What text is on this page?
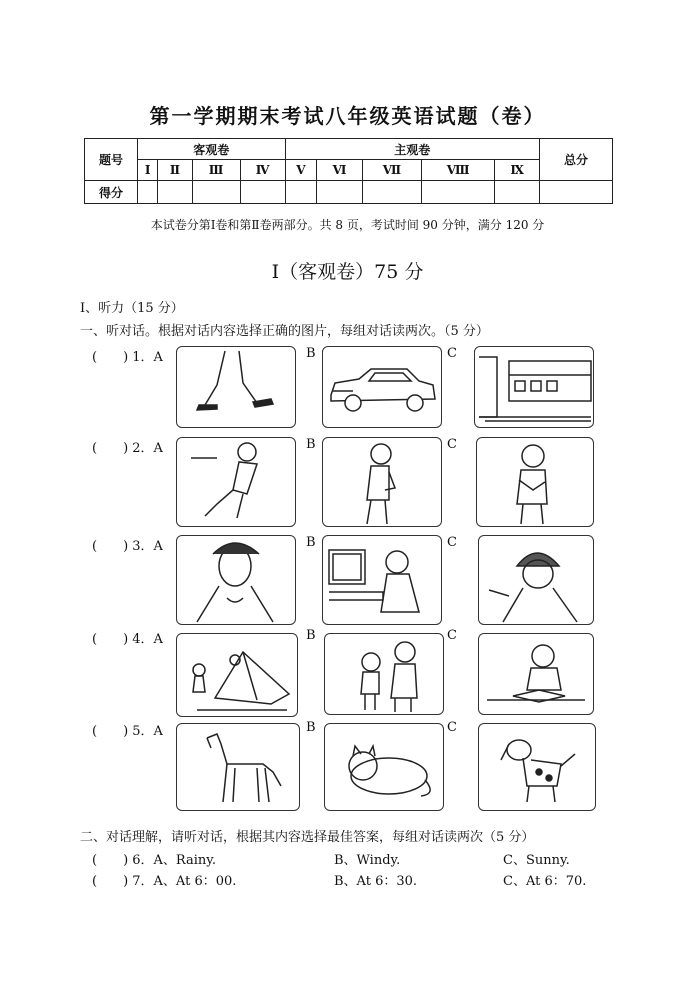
第一学期期末考试八年级英语试题（卷）
题号	客观卷				主观卷					总分
	Ⅰ	Ⅱ	Ⅲ	Ⅳ	Ⅴ	Ⅵ	Ⅶ	Ⅷ	Ⅸ	
得分										
本试卷分第Ⅰ卷和第Ⅱ卷两部分。共 8 页，考试时间 90 分钟，满分 120 分
Ⅰ（客观卷）75 分
Ⅰ、听力（15 分）
一、听对话。根据对话内容选择正确的图片，每组对话读两次。（5 分）
(　　) 1．A	B	C
(　　) 2．A	B	C
(　　) 3．A	B	C
(　　) 4．A	B	C
(　　) 5．A	B	C
二、对话理解，请听对话，根据其内容选择最佳答案，每组对话读两次（5 分）
(　　) 6．A、Rainy.	B、Windy.	C、Sunny.
(　　) 7．A、At 6：00.	B、At 6：30.	C、At 6：70.
